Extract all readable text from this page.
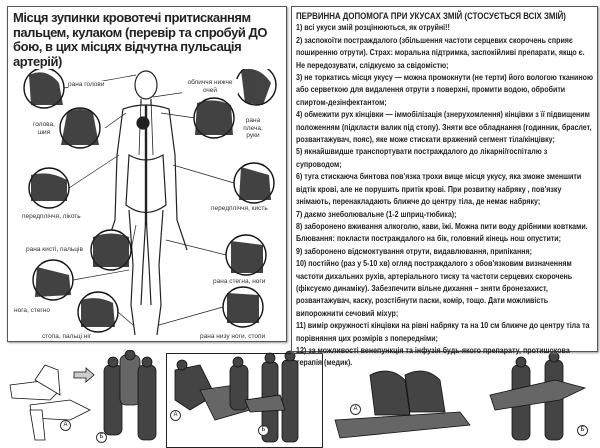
Місця зупинки кровотечі притисканням пальцем, кулаком (перевір та спробуй ДО бою, в цих місцях відчутна пульсація артерій)
рана голови	обличчя нижче очей
голова, шия
рана плеча, руки
передпліччя, лікоть
передпліччя, кисть
рана кисті, пальців
рана стегна, ноги
нога, стегно
стопа, пальці ніг	рана низу ноги, стопи

ПЕРВИННА ДОПОМОГА ПРИ УКУСАХ ЗМІЙ (СТОСУЄТЬСЯ ВСІХ ЗМІЙ)

1) всі укуси змій розцінюються, як отруйні!!

2) заспокоїти постраждалого (збільшення частоти серцевих скорочень сприяє поширенню отрути). Страх: моральна підтримка, заспокійливі препарати, якщо є. Не передозувати, слідкуємо за свідомістю;

3) не торкатись місця укусу — можна промокнути (не терти) його вологою тканиною або серветкою для видалення отрути з поверхні, промити водою, обробити спиртом-дезінфектантом;

4) обмежити рух кінцівки — іммобілізація (знерухомлення) кінцівки з її підвищеним положенням (підкласти валик під стопу). Зняти все обладнання (годинник, браслет, розвантажувач, пояс), яке може стискати вражений сегмент тіла/кінцівку;

5) якнайшвидше транспортувати постраждалого до лікарні/госпіталю з супроводом;

6) туга стискаюча бинтова пов'язка трохи вище місця укусу, яка зможе зменшити відтік крові, але не порушить притік крові. При розвитку набряку , пов'язку знімають, перенакладають ближче до центру тіла, де немає набряку;

7) даємо знеболювальне (1-2 шприц-тюбика);

8) заборонено вживання алкоголю, кави, їжі. Можна пити воду дрібними ковтками. Блювання: покласти постраждалого на бік, головний кінець нош опустити;

9) заборонено відсмоктування отрути, видавлювання, припікання;

10) постійно (раз у 5-10 хв) огляд постраждалого з обов'язковим визначенням частоти дихальних рухів, артеріального тиску та частоти серцевих скорочень (фіксуємо динаміку). Забезпечити вільне дихання – зняти бронезахист, розвантажувач, каску, розстібнути паски, комір, тощо. Дати можливість випорожнити сечовий міхур;

11) вимір окружності кінцівки на рівні набряку та на 10 см ближче до центру тіла та порівняння цих розмірів з попередніми;

12) за можливості венепункція та інфузія будь-якого препарату, протишокова терапія (медик).

А
Б
А
Б
А
Б
